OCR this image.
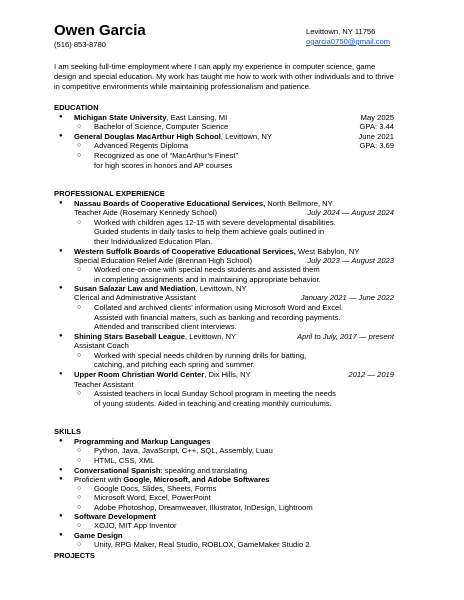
Owen Garcia
(516) 853-8780
Levittown, NY 11756
ogarcia0750@gmail.com
I am seeking full-time employment where I can apply my experience in computer science, game design and special education. My work has taught me how to work with other individuals and to thrive in competitive environments while maintaining professionalism and patience.
EDUCATION
● Michigan State University, East Lansing, MI	May 2025
○ Bachelor of Science, Computer Science	GPA: 3.44
● General Douglas MacArthur High School, Levittown, NY	June 2021
○ Advanced Regents Diploma	GPA: 3.69
○ Recognized as one of “MacArthur’s Finest”
for high scores in honors and AP courses
PROFESSIONAL EXPERIENCE
● Nassau Boards of Cooperative Educational Services, North Bellmore, NY
Teacher Aide (Rosemary Kennedy School)	July 2024 — August 2024
○ Worked with children ages 12-15 with severe developmental disabilities.
Guided students in daily tasks to help them achieve goals outlined in
their Individualized Education Plan.
● Western Suffolk Boards of Cooperative Educational Services, West Babylon, NY
Special Education Relief Aide (Brennan High School)	July 2023 — August 2023
○ Worked one-on-one with special needs students and assisted them
in completing assignments and in maintaining appropriate behavior.
● Susan Salazar Law and Mediation, Levittown, NY
Clerical and Administrative Assistant	January 2021 — June 2022
○ Collated and archived clients’ information using Microsoft Word and Excel.
Assisted with financial matters, such as banking and recording payments.
Attended and transcribed client interviews.
● Shining Stars Baseball League, Levittown, NY	April to July, 2017 — present
Assistant Coach
○ Worked with special needs children by running drills for batting,
catching, and pitching each spring and summer.
● Upper Room Christian World Center, Dix Hills, NY	2012 — 2019
Teacher Assistant
○ Assisted teachers in local Sunday School program in meeting the needs
of young students. Aided in teaching and creating monthly curriculums.
SKILLS
● Programming and Markup Languages
○ Python, Java, JavaScript, C++, SQL, Assembly, Luau
○ HTML, CSS, XML
● Conversational Spanish: speaking and translating
● Proficient with Google, Microsoft, and Adobe Softwares
○ Google Docs, Slides, Sheets, Forms
○ Microsoft Word, Excel, PowerPoint
○ Adobe Photoshop, Dreamweaver, Illustrator, InDesign, Lightroom
● Software Development
○ XOJO, MIT App Inventor
● Game Design
○ Unity, RPG Maker, Real Studio, ROBLOX, GameMaker Studio 2
PROJECTS
